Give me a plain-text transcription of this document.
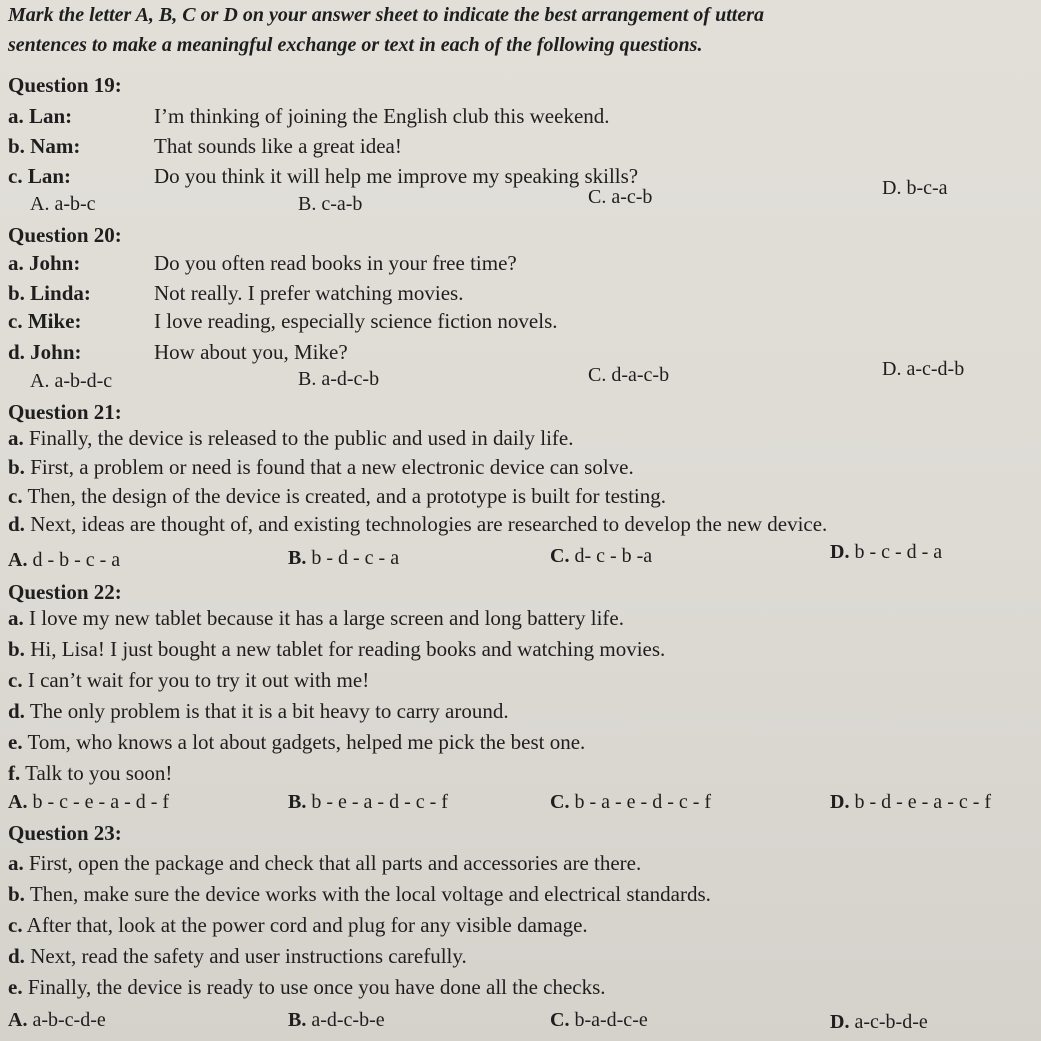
Mark the letter A, B, C or D on your answer sheet to indicate the best arrangement of uttera
sentences to make a meaningful exchange or text in each of the following questions.
Question 19:
a. Lan:	I’m thinking of joining the English club this weekend.
b. Nam:	That sounds like a great idea!
c. Lan:	Do you think it will help me improve my speaking skills?
A. a-b-c	B. c-a-b	C. a-c-b	D. b-c-a
Question 20:
a. John:	Do you often read books in your free time?
b. Linda:	Not really. I prefer watching movies.
c. Mike:	I love reading, especially science fiction novels.
d. John:	How about you, Mike?
A. a-b-d-c	B. a-d-c-b	C. d-a-c-b	D. a-c-d-b
Question 21:
a. Finally, the device is released to the public and used in daily life.
b. First, a problem or need is found that a new electronic device can solve.
c. Then, the design of the device is created, and a prototype is built for testing.
d. Next, ideas are thought of, and existing technologies are researched to develop the new device.
A. d - b - c - a	B. b - d - c - a	C. d- c - b -a	D. b - c - d - a
Question 22:
a. I love my new tablet because it has a large screen and long battery life.
b. Hi, Lisa! I just bought a new tablet for reading books and watching movies.
c. I can’t wait for you to try it out with me!
d. The only problem is that it is a bit heavy to carry around.
e. Tom, who knows a lot about gadgets, helped me pick the best one.
f. Talk to you soon!
A. b - c - e - a - d - f	B. b - e - a - d - c - f	C. b - a - e - d - c - f	D. b - d - e - a - c - f
Question 23:
a. First, open the package and check that all parts and accessories are there.
b. Then, make sure the device works with the local voltage and electrical standards.
c. After that, look at the power cord and plug for any visible damage.
d. Next, read the safety and user instructions carefully.
e. Finally, the device is ready to use once you have done all the checks.
A. a-b-c-d-e	B. a-d-c-b-e	C. b-a-d-c-e	D. a-c-b-d-e
